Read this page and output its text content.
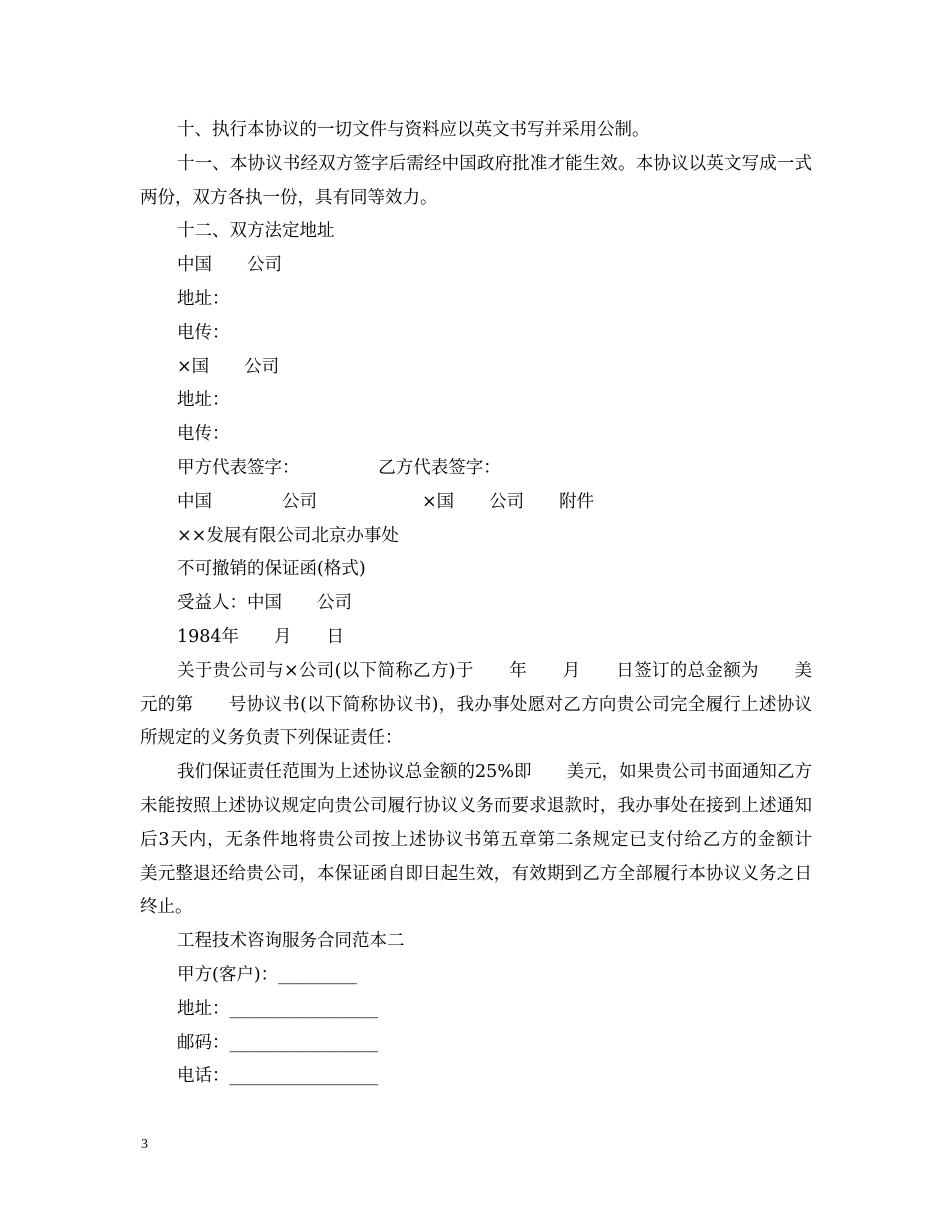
十、执行本协议的一切文件与资料应以英文书写并采用公制。

十一、本协议书经双方签字后需经中国政府批准才能生效。本协议以英文写成一式两份，双方各执一份，具有同等效力。

十二、双方法定地址

中国　　公司

地址：

电传：

×国　　公司

地址：

电传：

甲方代表签字：　　　　　乙方代表签字：

中国　　　　公司　　　　　　×国　　公司　　附件

××发展有限公司北京办事处

不可撤销的保证函(格式)

受益人：中国　　公司

1984年　　月　　日

关于贵公司与×公司(以下简称乙方)于　　年　　月　　日签订的总金额为　　美元的第　　号协议书(以下简称协议书)，我办事处愿对乙方向贵公司完全履行上述协议所规定的义务负责下列保证责任：

我们保证责任范围为上述协议总金额的25%即　　美元，如果贵公司书面通知乙方未能按照上述协议规定向贵公司履行协议义务而要求退款时，我办事处在接到上述通知后3天内，无条件地将贵公司按上述协议书第五章第二条规定已支付给乙方的金额计　　美元整退还给贵公司，本保证函自即日起生效，有效期到乙方全部履行本协议义务之日终止。

工程技术咨询服务合同范本二

甲方(客户)：_________

地址：_________________

邮码：_________________

电话：_________________

3
